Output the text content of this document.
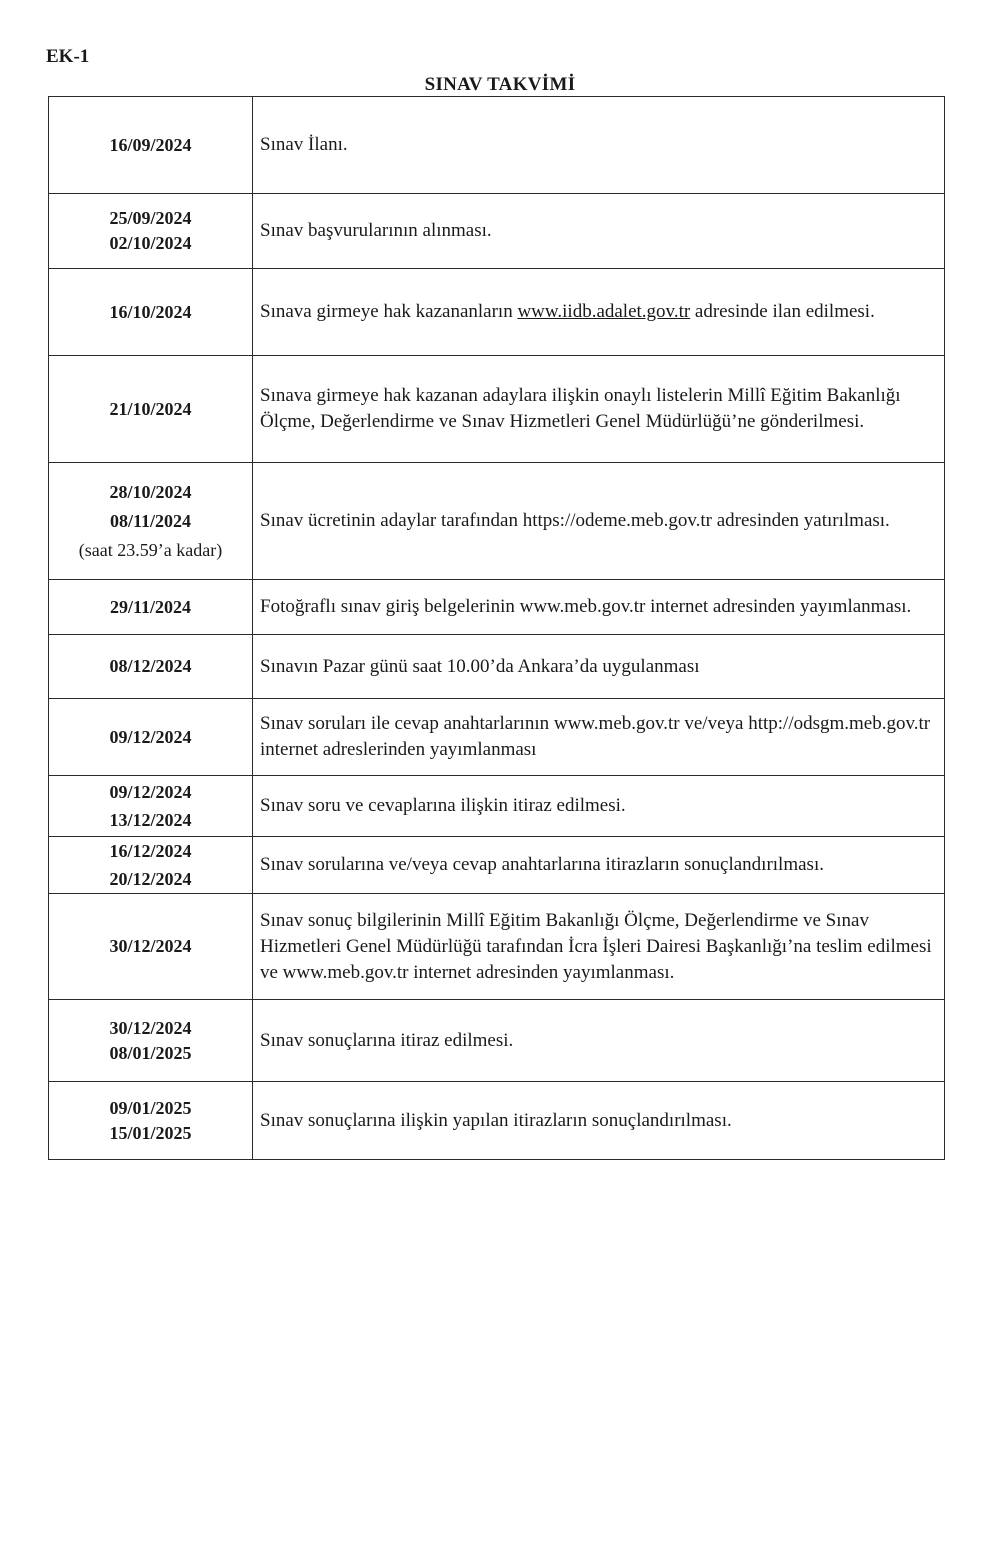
EK-1
SINAV TAKVİMİ
16/09/2024	Sınav İlanı.

25/09/2024
02/10/2024	Sınav başvurularının alınması.

16/10/2024	Sınava girmeye hak kazananların www.iidb.adalet.gov.tr adresinde ilan edilmesi.

21/10/2024	Sınava girmeye hak kazanan adaylara ilişkin onaylı listelerin Millî Eğitim Bakanlığı Ölçme, Değerlendirme ve Sınav Hizmetleri Genel Müdürlüğü’ne gönderilmesi.

28/10/2024
08/11/2024
(saat 23.59’a kadar)	Sınav ücretinin adaylar tarafından https://odeme.meb.gov.tr adresinden yatırılması.

29/11/2024	Fotoğraflı sınav giriş belgelerinin www.meb.gov.tr internet adresinden yayımlanması.

08/12/2024	Sınavın Pazar günü saat 10.00’da Ankara’da uygulanması

09/12/2024	Sınav soruları ile cevap anahtarlarının www.meb.gov.tr ve/veya http://odsgm.meb.gov.tr internet adreslerinden yayımlanması

09/12/2024
13/12/2024	Sınav soru ve cevaplarına ilişkin itiraz edilmesi.

16/12/2024
20/12/2024	Sınav sorularına ve/veya cevap anahtarlarına itirazların sonuçlandırılması.

30/12/2024	Sınav sonuç bilgilerinin Millî Eğitim Bakanlığı Ölçme, Değerlendirme ve Sınav Hizmetleri Genel Müdürlüğü tarafından İcra İşleri Dairesi Başkanlığı’na teslim edilmesi ve www.meb.gov.tr internet adresinden yayımlanması.

30/12/2024
08/01/2025	Sınav sonuçlarına itiraz edilmesi.

09/01/2025
15/01/2025	Sınav sonuçlarına ilişkin yapılan itirazların sonuçlandırılması.
